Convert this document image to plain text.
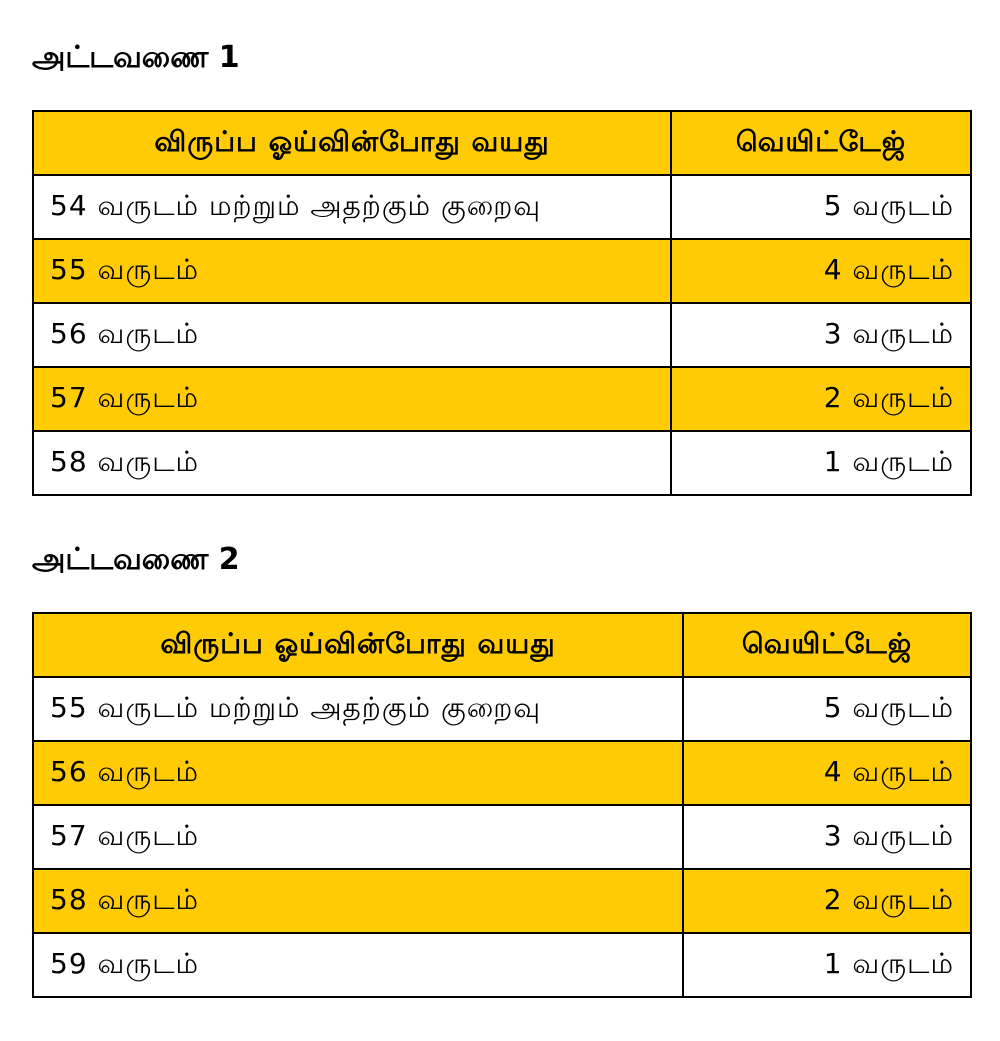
அட்டவணை 1
விருப்ப ஓய்வின்போது வயது	வெயிட்டேஜ்
54 வருடம் மற்றும் அதற்கும் குறைவு	5 வருடம்
55 வருடம்	4 வருடம்
56 வருடம்	3 வருடம்
57 வருடம்	2 வருடம்
58 வருடம்	1 வருடம்
அட்டவணை 2
விருப்ப ஓய்வின்போது வயது	வெயிட்டேஜ்
55 வருடம் மற்றும் அதற்கும் குறைவு	5 வருடம்
56 வருடம்	4 வருடம்
57 வருடம்	3 வருடம்
58 வருடம்	2 வருடம்
59 வருடம்	1 வருடம்
